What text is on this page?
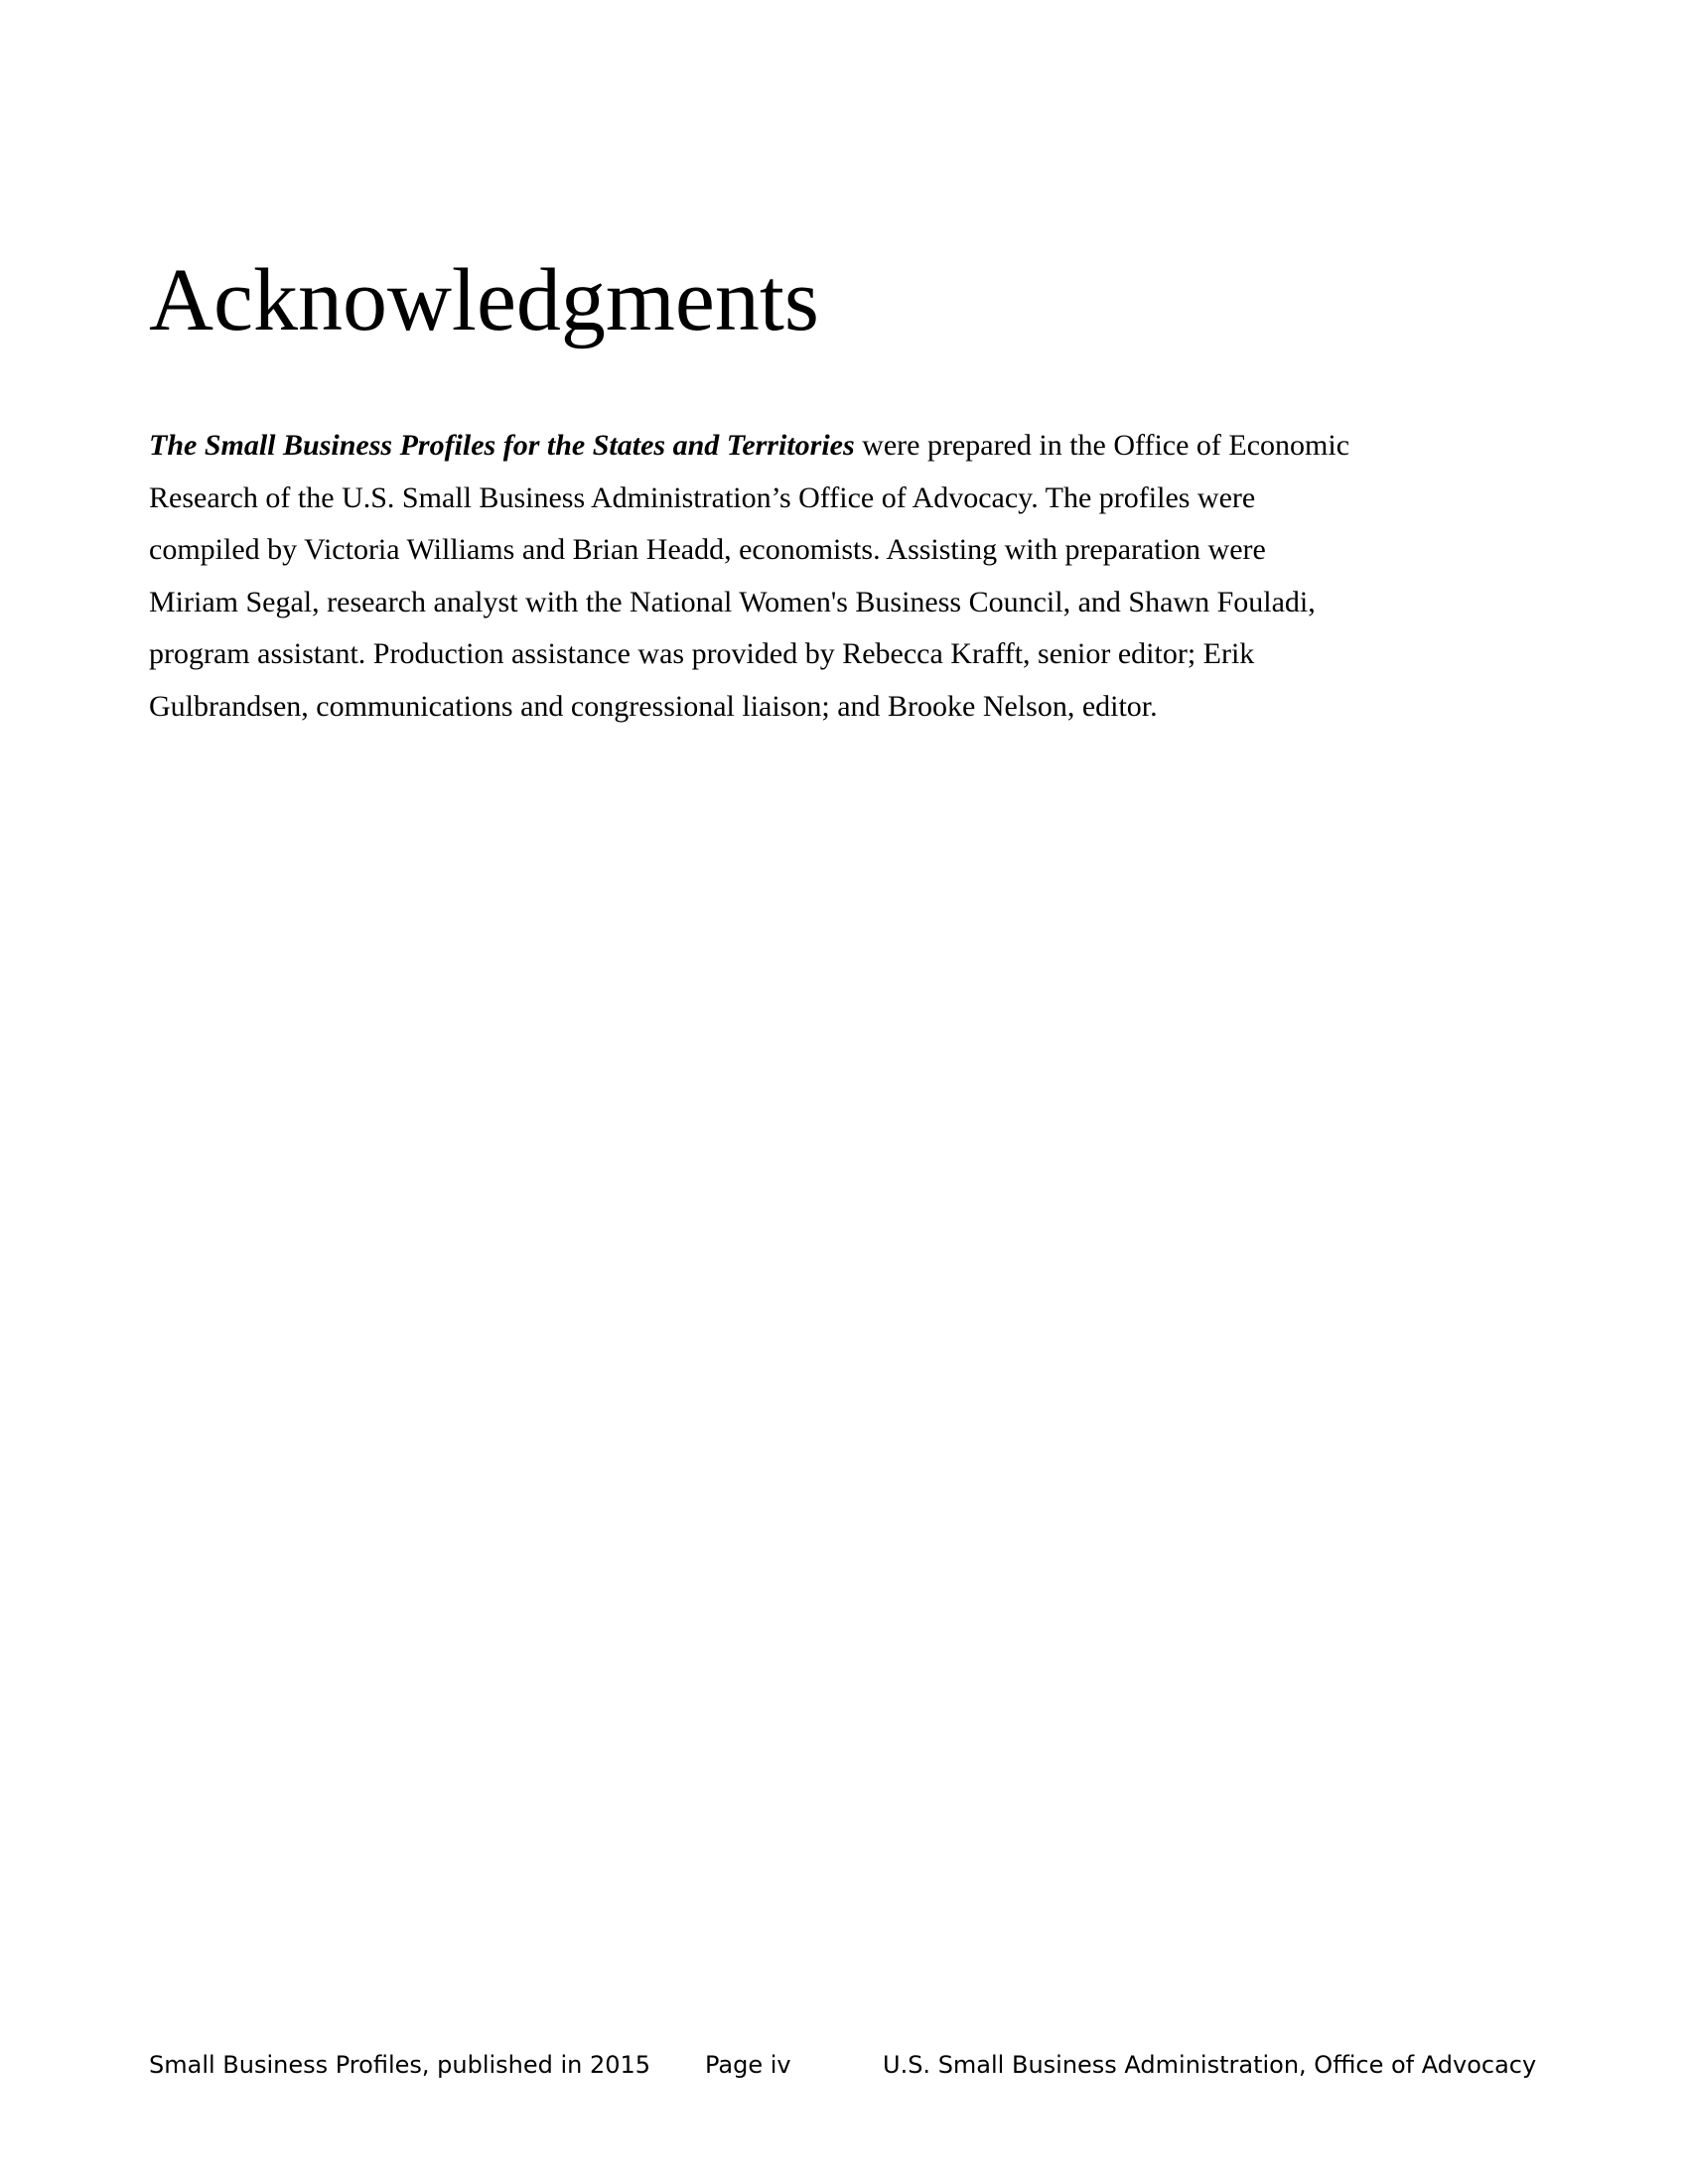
Acknowledgments

The Small Business Profiles for the States and Territories were prepared in the Office of Economic
Research of the U.S. Small Business Administration’s Office of Advocacy. The profiles were
compiled by Victoria Williams and Brian Headd, economists. Assisting with preparation were
Miriam Segal, research analyst with the National Women's Business Council, and Shawn Fouladi,
program assistant. Production assistance was provided by Rebecca Krafft, senior editor; Erik
Gulbrandsen, communications and congressional liaison; and Brooke Nelson, editor.

Small Business Profiles, published in 2015 Page iv	U.S. Small Business Administration, Office of Advocacy
